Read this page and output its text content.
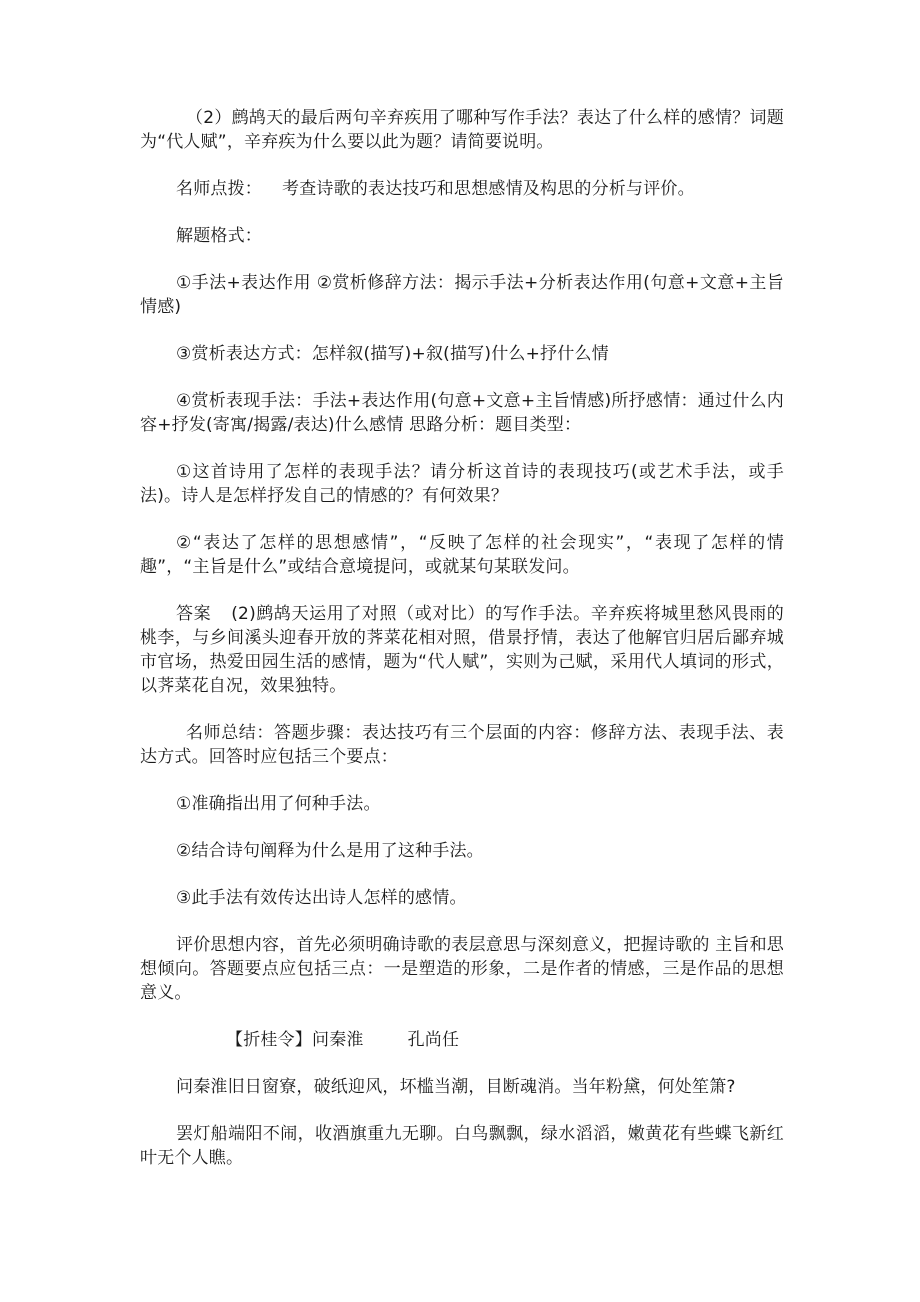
（2）鹧鸪天的最后两句辛弃疾用了哪种写作手法？表达了什么样的感情？词题为“代人赋”，辛弃疾为什么要以此为题？请简要说明。

名师点拨： 考查诗歌的表达技巧和思想感情及构思的分析与评价。

解题格式：

①手法+表达作用 ②赏析修辞方法：揭示手法+分析表达作用(句意+文意+主旨情感)

③赏析表达方式：怎样叙(描写)+叙(描写)什么+抒什么情

④赏析表现手法：手法+表达作用(句意+文意+主旨情感)所抒感情：通过什么内容+抒发(寄寓/揭露/表达)什么感情 思路分析：题目类型：

①这首诗用了怎样的表现手法？请分析这首诗的表现技巧(或艺术手法，或手法)。诗人是怎样抒发自己的情感的？有何效果？

②“表达了怎样的思想感情”，“反映了怎样的社会现实”，“表现了怎样的情趣”，“主旨是什么”或结合意境提问，或就某句某联发问。

答案 (2)鹧鸪天运用了对照（或对比）的写作手法。辛弃疾将城里愁风畏雨的桃李，与乡间溪头迎春开放的荠菜花相对照，借景抒情，表达了他解官归居后鄙弃城市官场，热爱田园生活的感情，题为“代人赋”，实则为己赋，采用代人填词的形式，以荠菜花自况，效果独特。

名师总结：答题步骤：表达技巧有三个层面的内容：修辞方法、表现手法、表达方式。回答时应包括三个要点：

①准确指出用了何种手法。

②结合诗句阐释为什么是用了这种手法。

③此手法有效传达出诗人怎样的感情。

评价思想内容，首先必须明确诗歌的表层意思与深刻意义，把握诗歌的 主旨和思想倾向。答题要点应包括三点：一是塑造的形象，二是作者的情感，三是作品的思想意义。

【折桂令】问秦淮	孔尚任

问秦淮旧日窗寮，破纸迎风，坏槛当潮，目断魂消。当年粉黛，何处笙箫?

罢灯船端阳不闹，收酒旗重九无聊。白鸟飘飘，绿水滔滔，嫩黄花有些蝶飞新红叶无个人瞧。
